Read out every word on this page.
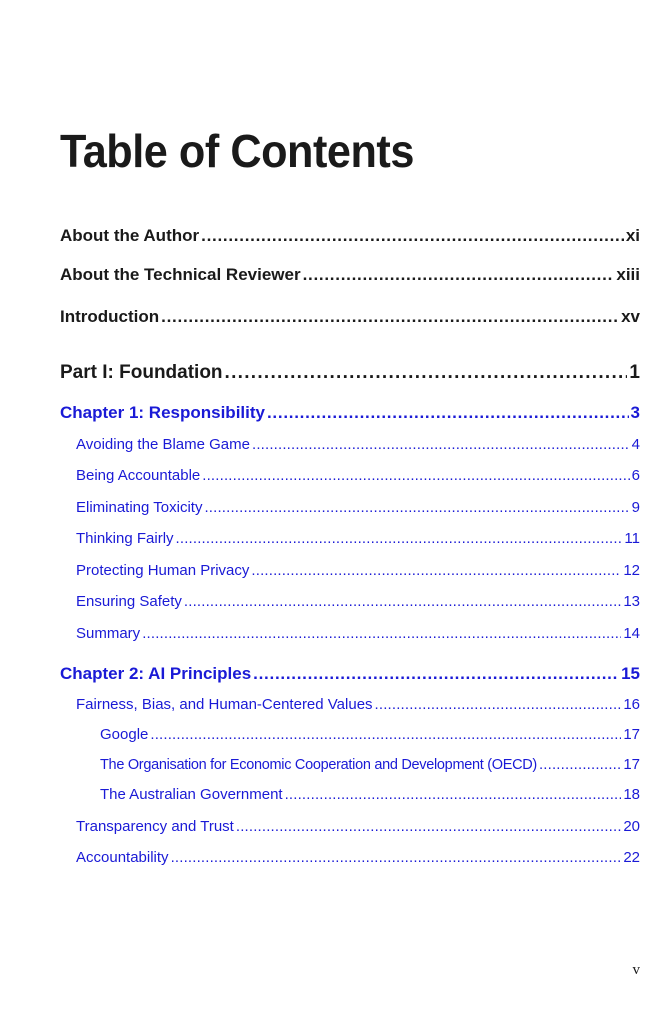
Table of Contents
About the Author . . .	xi
About the Technical Reviewer . . .	xiii
Introduction . . .	xv
Part I: Foundation . . .	1
Chapter 1: Responsibility . . .	3
Avoiding the Blame Game . . .	4
Being Accountable . . .	6
Eliminating Toxicity . . .	9
Thinking Fairly . . .	11
Protecting Human Privacy . . .	12
Ensuring Safety . . .	13
Summary . . .	14
Chapter 2: AI Principles . . .	15
Fairness, Bias, and Human-Centered Values . . .	16
Google . . .	17
The Organisation for Economic Cooperation and Development (OECD) . . .	17
The Australian Government . . .	18
Transparency and Trust . . .	20
Accountability . . .	22
v
